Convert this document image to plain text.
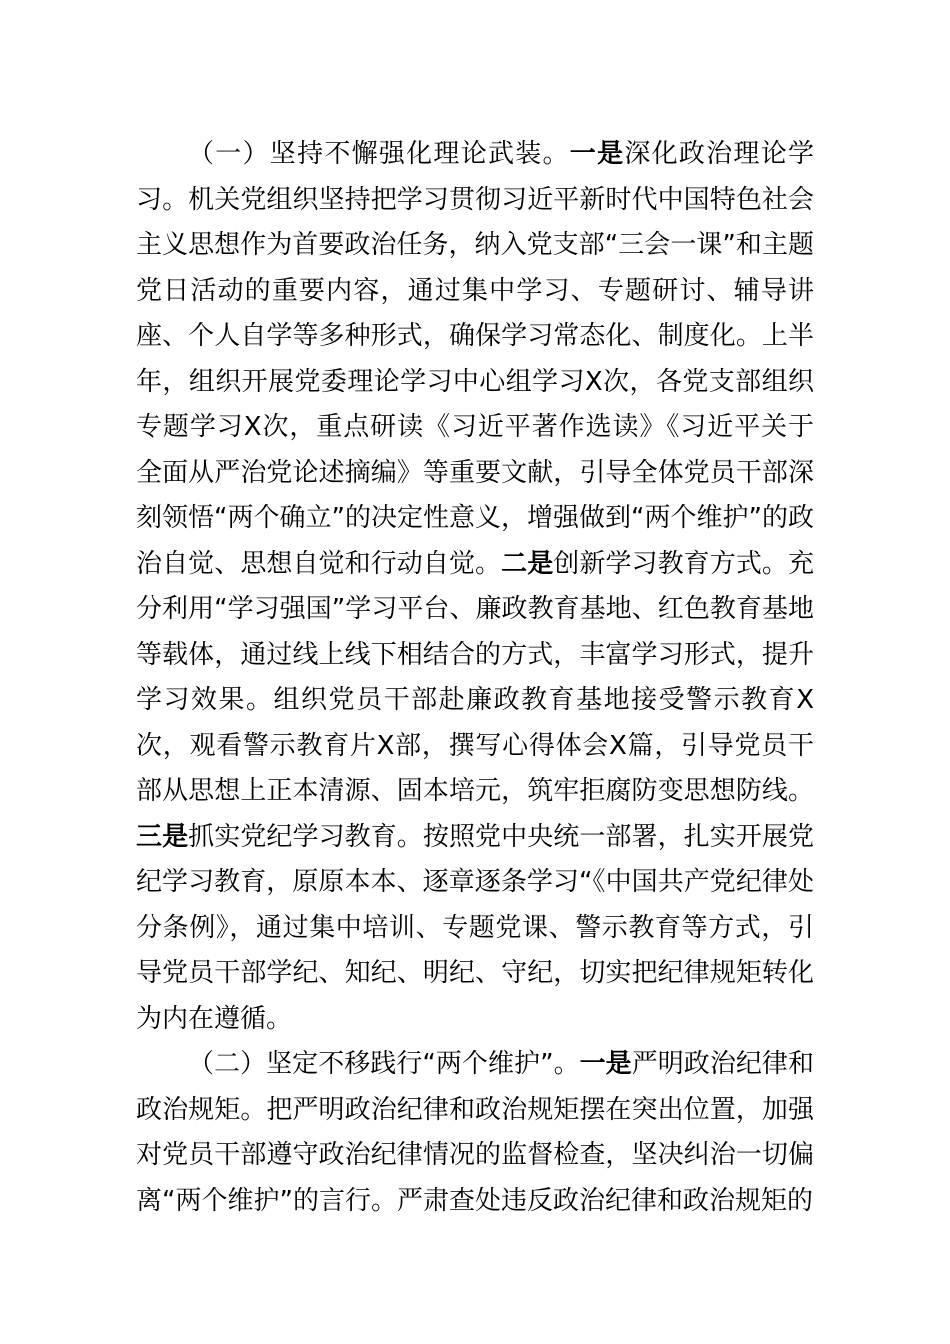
（一）坚持不懈强化理论武装。一是深化政治理论学习。机关党组织坚持把学习贯彻习近平新时代中国特色社会主义思想作为首要政治任务，纳入党支部“三会一课”和主题党日活动的重要内容，通过集中学习、专题研讨、辅导讲座、个人自学等多种形式，确保学习常态化、制度化。上半年，组织开展党委理论学习中心组学习X次，各党支部组织专题学习X次，重点研读《习近平著作选读》《习近平关于全面从严治党论述摘编》等重要文献，引导全体党员干部深刻领悟“两个确立”的决定性意义，增强做到“两个维护”的政治自觉、思想自觉和行动自觉。二是创新学习教育方式。充分利用“学习强国”学习平台、廉政教育基地、红色教育基地等载体，通过线上线下相结合的方式，丰富学习形式，提升学习效果。组织党员干部赴廉政教育基地接受警示教育X次，观看警示教育片X部，撰写心得体会X篇，引导党员干部从思想上正本清源、固本培元，筑牢拒腐防变思想防线。三是抓实党纪学习教育。按照党中央统一部署，扎实开展党纪学习教育，原原本本、逐章逐条学习“《中国共产党纪律处分条例》，通过集中培训、专题党课、警示教育等方式，引导党员干部学纪、知纪、明纪、守纪，切实把纪律规矩转化为内在遵循。

（二）坚定不移践行“两个维护”。一是严明政治纪律和政治规矩。把严明政治纪律和政治规矩摆在突出位置，加强对党员干部遵守政治纪律情况的监督检查，坚决纠治一切偏离“两个维护”的言行。严肃查处违反政治纪律和政治规矩的
